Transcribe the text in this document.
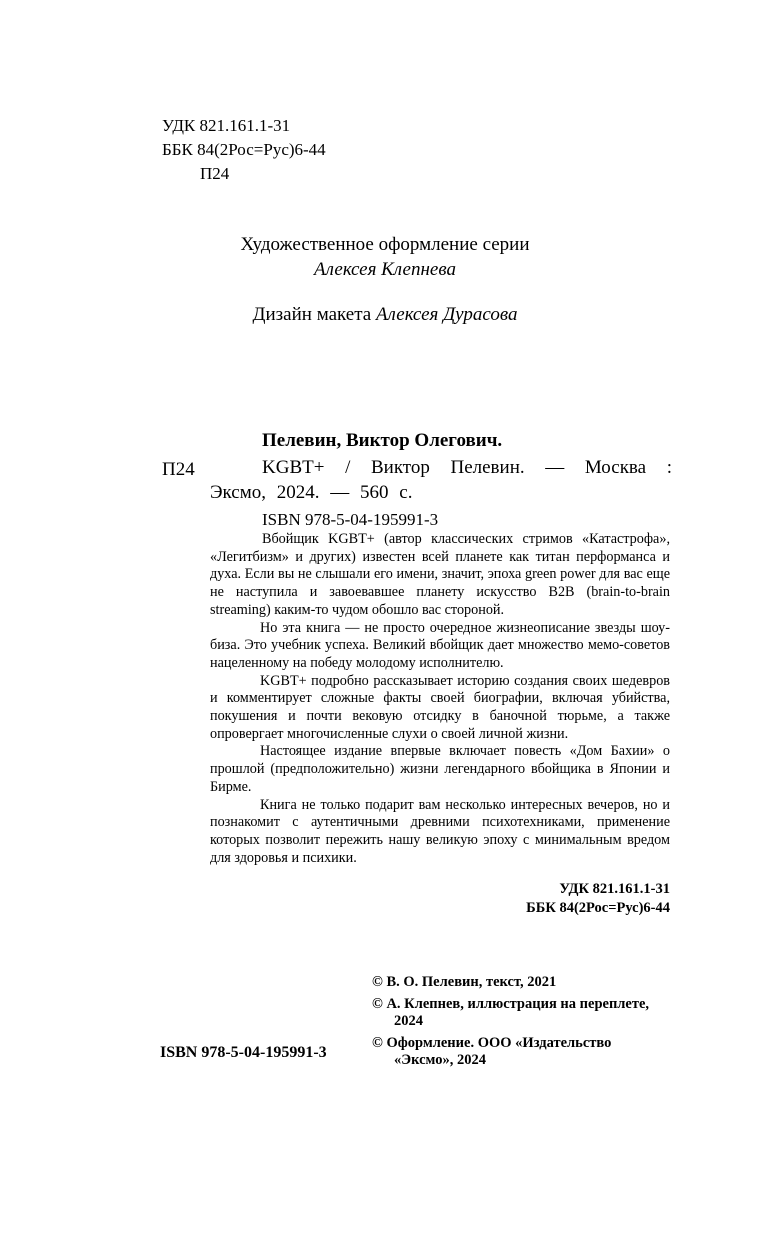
УДК 821.161.1-31
ББК 84(2Рос=Рус)6-44
П24
Художественное оформление серии
Алексея Клепнева
Дизайн макета Алексея Дурасова
Пелевин, Виктор Олегович.
П24	KGBT+ / Виктор Пелевин. — Москва : Эксмо, 2024. — 560 с.
ISBN 978-5-04-195991-3

Вбойщик KGBT+ (автор классических стримов «Катастрофа», «Легитбизм» и других) известен всей планете как титан перформанса и духа. Если вы не слышали его имени, значит, эпоха green power для вас еще не наступила и завоевавшее планету искусство B2B (brain-to-brain streaming) каким-то чудом обошло вас стороной.

Но эта книга — не просто очередное жизнеописание звезды шоу-биза. Это учебник успеха. Великий вбойщик дает множество мемо-советов нацеленному на победу молодому исполнителю.

KGBT+ подробно рассказывает историю создания своих шедевров и комментирует сложные факты своей биографии, включая убийства, покушения и почти вековую отсидку в баночной тюрьме, а также опровергает многочисленные слухи о своей личной жизни.

Настоящее издание впервые включает повесть «Дом Бахии» о прошлой (предположительно) жизни легендарного вбойщика в Японии и Бирме.

Книга не только подарит вам несколько интересных вечеров, но и познакомит с аутентичными древними психотехниками, применение которых позволит пережить нашу великую эпоху с минимальным вредом для здоровья и психики.

УДК 821.161.1-31
ББК 84(2Рос=Рус)6-44
© В. О. Пелевин, текст, 2021
© А. Клепнев, иллюстрация на переплете, 2024
© Оформление. ООО «Издательство «Эксмо», 2024
ISBN 978-5-04-195991-3
